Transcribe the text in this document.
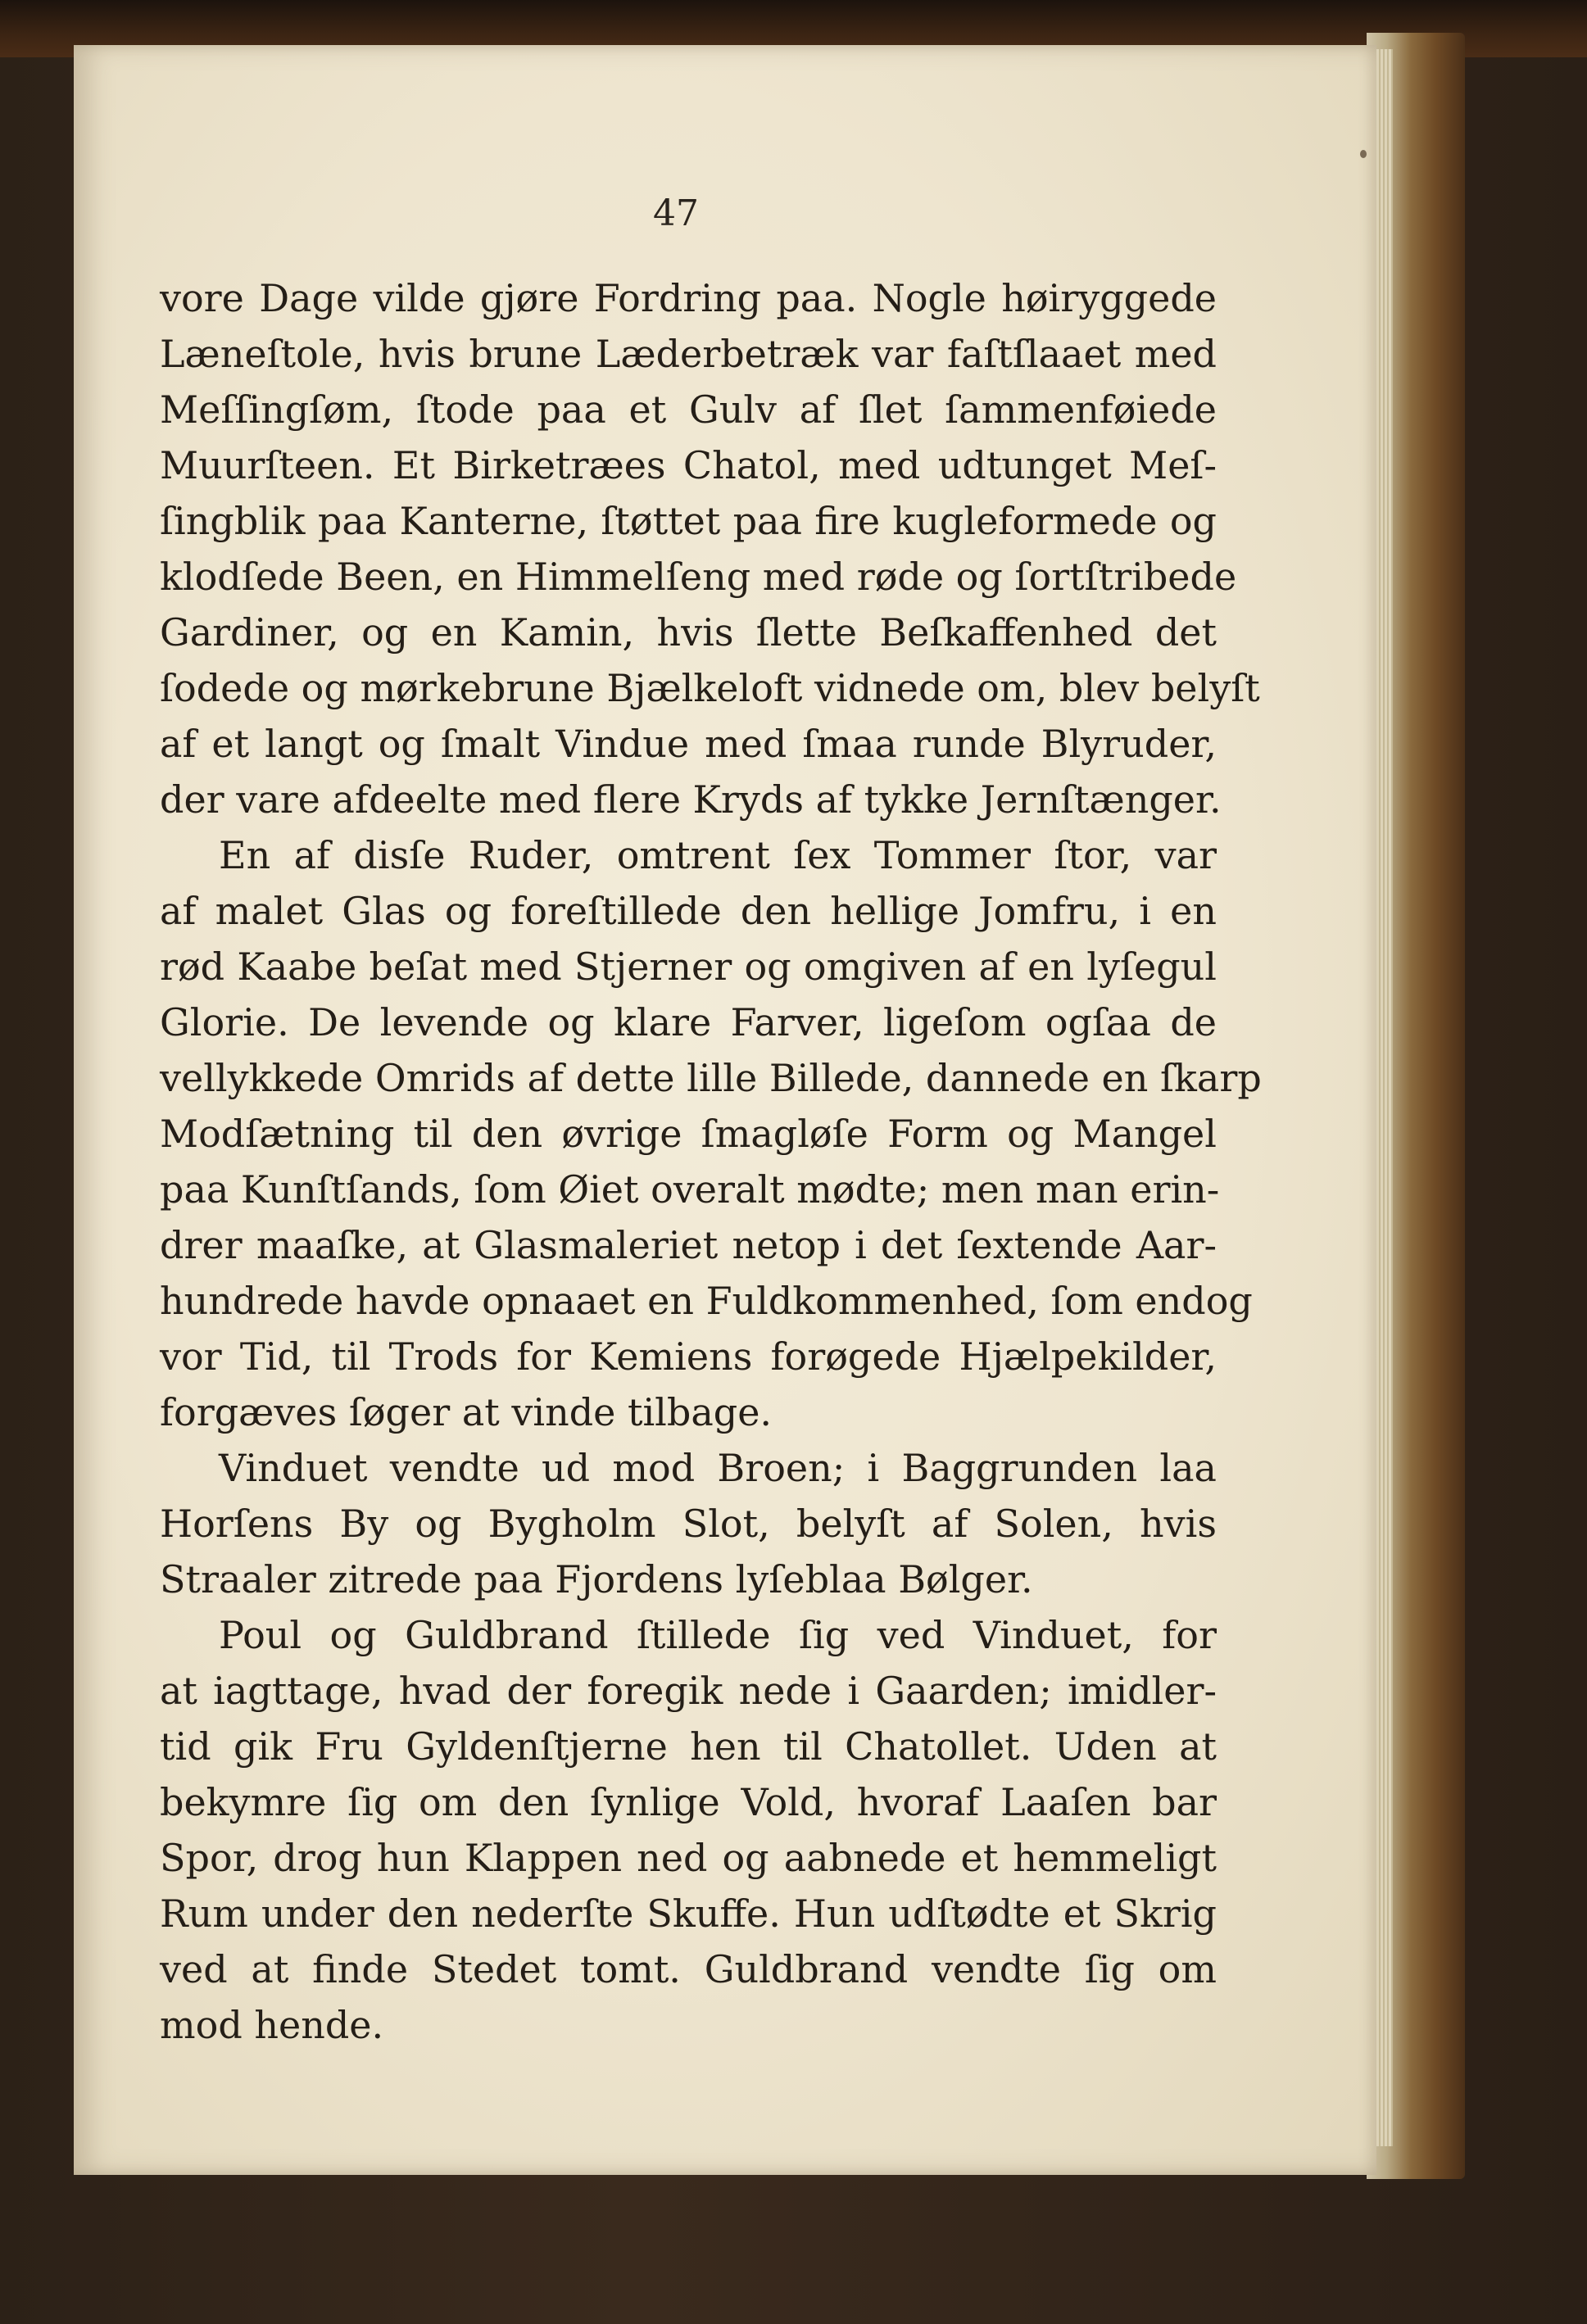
47
vore Dage vilde gjøre Fordring paa. Nogle høiryggede
Læneſtole, hvis brune Læderbetræk var faſtſlaaet med
Meſſingſøm, ſtode paa et Gulv af ſlet ſammenføiede
Muurſteen. Et Birketræes Chatol, med udtunget Meſ-
ſingblik paa Kanterne, ſtøttet paa fire kugleformede og
klodſede Been, en Himmelſeng med røde og ſortſtribede
Gardiner, og en Kamin, hvis ſlette Beſkaffenhed det
ſodede og mørkebrune Bjælkeloft vidnede om, blev belyſt
af et langt og ſmalt Vindue med ſmaa runde Blyruder,
der vare afdeelte med flere Kryds af tykke Jernſtænger.
En af disſe Ruder, omtrent ſex Tommer ſtor, var
af malet Glas og foreſtillede den hellige Jomfru, i en
rød Kaabe beſat med Stjerner og omgiven af en lyſegul
Glorie. De levende og klare Farver, ligeſom ogſaa de
vellykkede Omrids af dette lille Billede, dannede en ſkarp
Modſætning til den øvrige ſmagløſe Form og Mangel
paa Kunſtſands, ſom Øiet overalt mødte; men man erin-
drer maaſke, at Glasmaleriet netop i det ſextende Aar-
hundrede havde opnaaet en Fuldkommenhed, ſom endog
vor Tid, til Trods for Kemiens forøgede Hjælpekilder,
forgæves ſøger at vinde tilbage.
Vinduet vendte ud mod Broen; i Baggrunden laa
Horſens By og Bygholm Slot, belyſt af Solen, hvis
Straaler zitrede paa Fjordens lyſeblaa Bølger.
Poul og Guldbrand ſtillede ſig ved Vinduet, for
at iagttage, hvad der foregik nede i Gaarden; imidler-
tid gik Fru Gyldenſtjerne hen til Chatollet. Uden at
bekymre ſig om den ſynlige Vold, hvoraf Laaſen bar
Spor, drog hun Klappen ned og aabnede et hemmeligt
Rum under den nederſte Skuffe. Hun udſtødte et Skrig
ved at finde Stedet tomt. Guldbrand vendte ſig om
mod hende.
